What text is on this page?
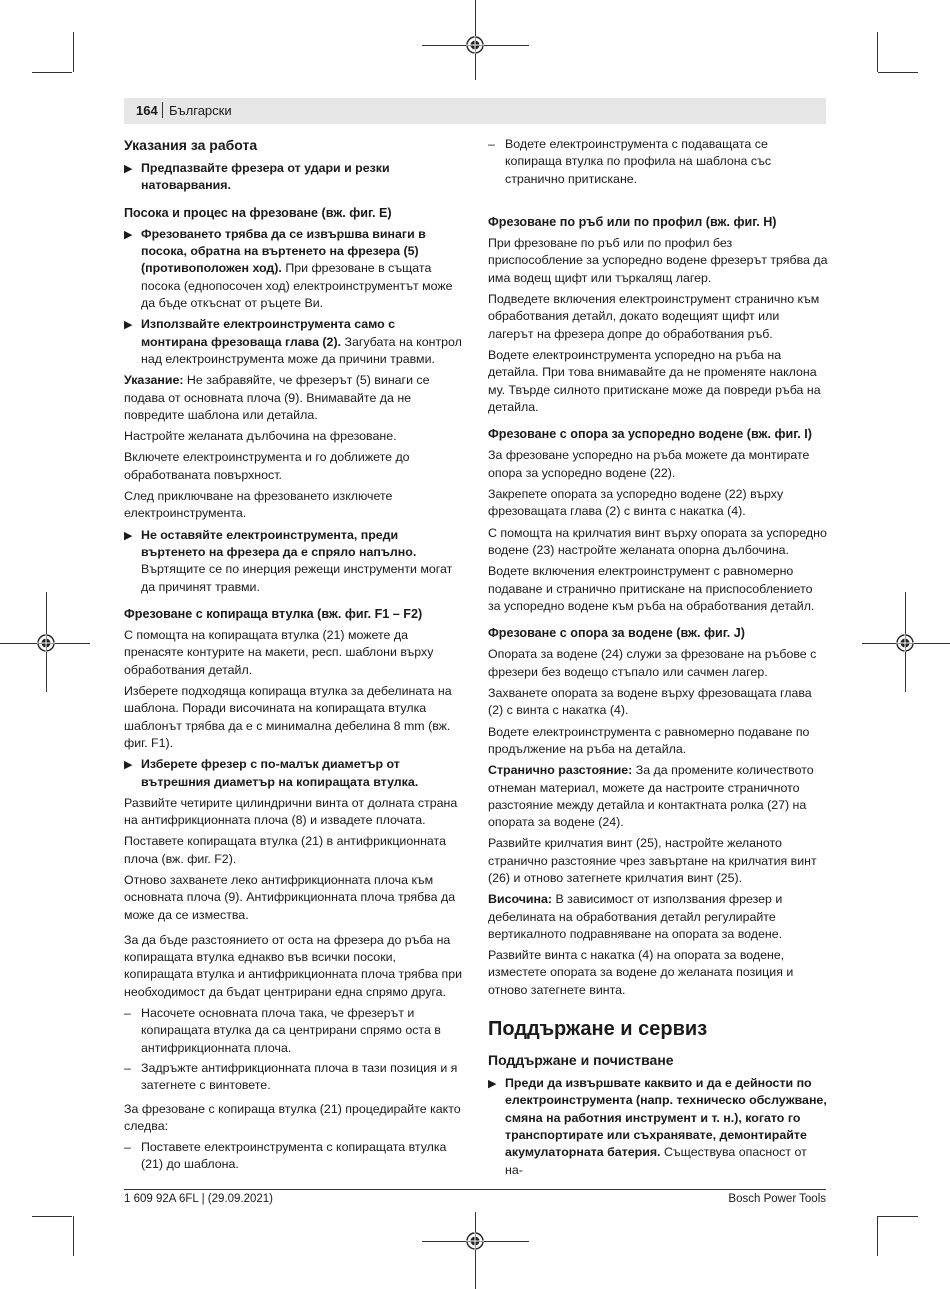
164 Български
Указания за работа
▶ Предпазвайте фрезера от удари и резки натоварвания.
Посока и процес на фрезоване (вж. фиг. E)
▶ Фрезоването трябва да се извършва винаги в посока, обратна на въртенето на фрезера (5) (противоположен ход). При фрезоване в същата посока (еднопосочен ход) електроинструментът може да бъде откъснат от ръцете Ви.
▶ Използвайте електроинструмента само с монтирана фрезоваща глава (2). Загубата на контрол над електроинструмента може да причини травми.

Указание: Не забравяйте, че фрезерът (5) винаги се подава от основната плоча (9). Внимавайте да не повредите шаблона или детайла.

Настройте желаната дълбочина на фрезоване.

Включете електроинструмента и го доближете до обработваната повърхност.

След приключване на фрезоването изключете електроинструмента.

▶ Не оставяйте електроинструмента, преди въртенето на фрезера да е спряло напълно. Въртящите се по инерция режещи инструменти могат да причинят травми.
Фрезоване с копираща втулка (вж. фиг. F1 – F2)

С помощта на копиращата втулка (21) можете да пренасяте контурите на макети, респ. шаблони върху обработвания детайл.

Изберете подходяща копираща втулка за дебелината на шаблона. Поради височината на копиращата втулка шаблонът трябва да е с минимална дебелина 8 mm (вж. фиг. F1).

▶ Изберете фрезер с по-малък диаметър от вътрешния диаметър на копиращата втулка.

Развийте четирите цилиндрични винта от долната страна на антифрикционната плоча (8) и извадете плочата.

Поставете копиращата втулка (21) в антифрикционната плоча (вж. фиг. F2).

Отново захванете леко антифрикционната плоча към основната плоча (9). Антифрикционната плоча трябва да може да се измества.

За да бъде разстоянието от оста на фрезера до ръба на копиращата втулка еднакво във всички посоки, копиращата втулка и антифрикционната плоча трябва при необходимост да бъдат центрирани една спрямо друга.

– Насочете основната плоча така, че фрезерът и копиращата втулка да са центрирани спрямо оста в антифрикционната плоча.
– Задръжте антифрикционната плоча в тази позиция и я затегнете с винтовете.

За фрезоване с копираща втулка (21) процедирайте както следва:

– Поставете електроинструмента с копиращата втулка (21) до шаблона.
– Водете електроинструмента с подаващата се копираща втулка по профила на шаблона със странично притискане.
Фрезоване по ръб или по профил (вж. фиг. H)

При фрезоване по ръб или по профил без приспособление за успоредно водене фрезерът трябва да има водещ щифт или търкалящ лагер.

Подведете включения електроинструмент странично към обработвания детайл, докато водещият щифт или лагерът на фрезера допре до обработвания ръб.

Водете електроинструмента успоредно на ръба на детайла. При това внимавайте да не променяте наклона му. Твърде силното притискане може да повреди ръба на детайла.

Фрезоване с опора за успоредно водене (вж. фиг. I)

За фрезоване успоредно на ръба можете да монтирате опора за успоредно водене (22).

Закрепете опората за успоредно водене (22) върху фрезоващата глава (2) с винта с накатка (4).

С помощта на крилчатия винт върху опората за успоредно водене (23) настройте желаната опорна дълбочина.

Водете включения електроинструмент с равномерно подаване и странично притискане на приспособлението за успоредно водене към ръба на обработвания детайл.

Фрезоване с опора за водене (вж. фиг. J)

Опората за водене (24) служи за фрезоване на ръбове с фрезери без водещо стъпало или сачмен лагер.

Захванете опората за водене върху фрезоващата глава (2) с винта с накатка (4).

Водете електроинструмента с равномерно подаване по продължение на ръба на детайла.

Странично разстояние: За да промените количеството отнеман материал, можете да настроите страничното разстояние между детайла и контактната ролка (27) на опората за водене (24).

Развийте крилчатия винт (25), настройте желаното странично разстояние чрез завъртане на крилчатия винт (26) и отново затегнете крилчатия винт (25).

Височина: В зависимост от използвания фрезер и дебелината на обработвания детайл регулирайте вертикалното подравняване на опората за водене.

Развийте винта с накатка (4) на опората за водене, изместете опората за водене до желаната позиция и отново затегнете винта.

Поддържане и сервиз
Поддържане и почистване
▶ Преди да извършвате каквито и да е дейности по електроинструмента (напр. техническо обслужване, смяна на работния инструмент и т. н.), когато го транспортирате или съхранявате, демонтирайте акумулаторната батерия. Съществува опасност от на-
1 609 92A 6FL | (29.09.2021)	Bosch Power Tools
